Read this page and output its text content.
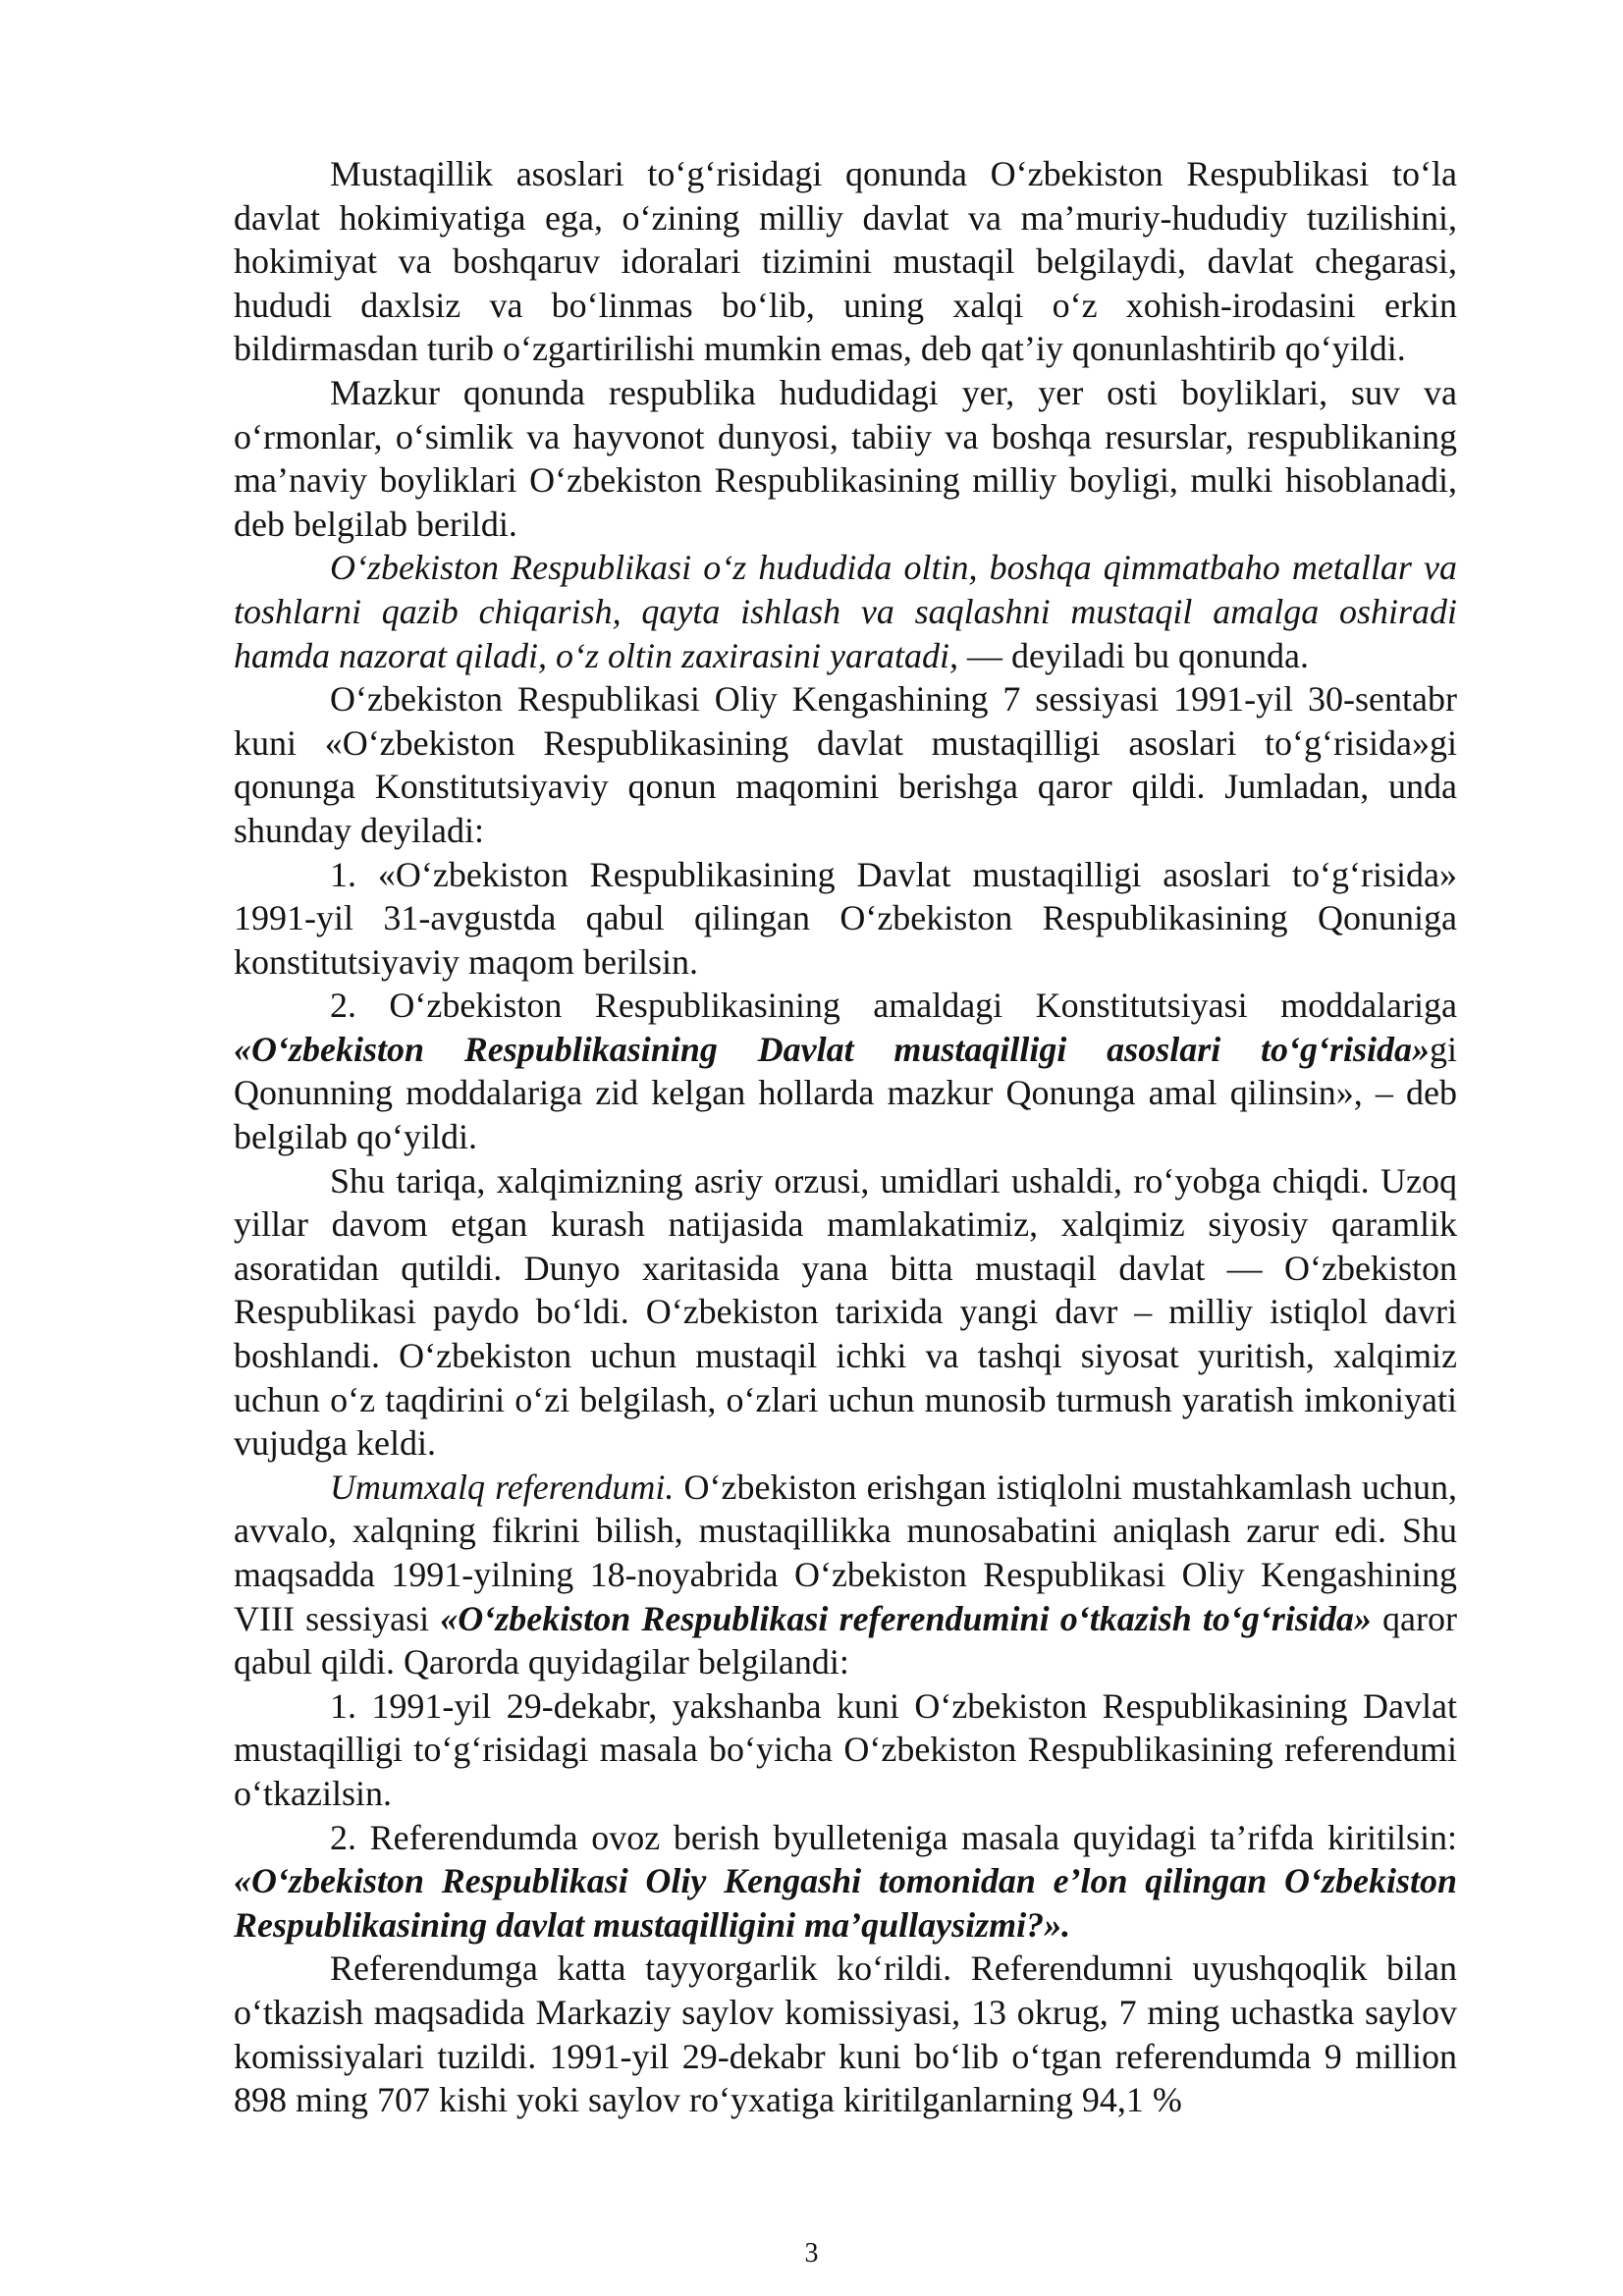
Mustaqillik asoslari to‘g‘risidagi qonunda O‘zbekiston Respublikasi to‘la davlat hokimiyatiga ega, o‘zining milliy davlat va ma’muriy-hududiy tuzilishini, hokimiyat va boshqaruv idoralari tizimini mustaqil belgilaydi, davlat chegarasi, hududi daxlsiz va bo‘linmas bo‘lib, uning xalqi o‘z xohish-irodasini erkin bildirmasdan turib o‘zgartirilishi mumkin emas, deb qat’iy qonunlashtirib qo‘yildi.

Mazkur qonunda respublika hududidagi yer, yer osti boyliklari, suv va o‘rmonlar, o‘simlik va hayvonot dunyosi, tabiiy va boshqa resurslar, respublikaning ma’naviy boyliklari O‘zbekiston Respublikasining milliy boyligi, mulki hisoblanadi, deb belgilab berildi.

O‘zbekiston Respublikasi o‘z hududida oltin, boshqa qimmatbaho metallar va toshlarni qazib chiqarish, qayta ishlash va saqlashni mustaqil amalga oshiradi hamda nazorat qiladi, o‘z oltin zaxirasini yaratadi, — deyiladi bu qonunda.

O‘zbekiston Respublikasi Oliy Kengashining 7 sessiyasi 1991-yil 30-sentabr kuni «O‘zbekiston Respublikasining davlat mustaqilligi asoslari to‘g‘risida»gi qonunga Konstitutsiyaviy qonun maqomini berishga qaror qildi. Jumladan, unda shunday deyiladi:

1. «O‘zbekiston Respublikasining Davlat mustaqilligi asoslari to‘g‘risida» 1991-yil 31-avgustda qabul qilingan O‘zbekiston Respublikasining Qonuniga konstitutsiyaviy maqom berilsin.

2. O‘zbekiston Respublikasining amaldagi Konstitutsiyasi moddalariga «O‘zbekiston Respublikasining Davlat mustaqilligi asoslari to‘g‘risida»gi Qonunning moddalariga zid kelgan hollarda mazkur Qonunga amal qilinsin», – deb belgilab qo‘yildi.

Shu tariqa, xalqimizning asriy orzusi, umidlari ushaldi, ro‘yobga chiqdi. Uzoq yillar davom etgan kurash natijasida mamlakatimiz, xalqimiz siyosiy qaramlik asoratidan qutildi. Dunyo xaritasida yana bitta mustaqil davlat — O‘zbekiston Respublikasi paydo bo‘ldi. O‘zbekiston tarixida yangi davr – milliy istiqlol davri boshlandi. O‘zbekiston uchun mustaqil ichki va tashqi siyosat yuritish, xalqimiz uchun o‘z taqdirini o‘zi belgilash, o‘zlari uchun munosib turmush yaratish imkoniyati vujudga keldi.

Umumxalq referendumi. O‘zbekiston erishgan istiqlolni mustahkamlash uchun, avvalo, xalqning fikrini bilish, mustaqillikka munosabatini aniqlash zarur edi. Shu maqsadda 1991-yilning 18-noyabrida O‘zbekiston Respublikasi Oliy Kengashining VIII sessiyasi «O‘zbekiston Respublikasi referendumini o‘tkazish to‘g‘risida» qaror qabul qildi. Qarorda quyidagilar belgilandi:

1. 1991-yil 29-dekabr, yakshanba kuni O‘zbekiston Respublikasining Davlat mustaqilligi to‘g‘risidagi masala bo‘yicha O‘zbekiston Respublikasining referendumi o‘tkazilsin.

2. Referendumda ovoz berish byulleteniga masala quyidagi ta’rifda kiritilsin: «O‘zbekiston Respublikasi Oliy Kengashi tomonidan e’lon qilingan O‘zbekiston Respublikasining davlat mustaqilligini ma’qullaysizmi?».

Referendumga katta tayyorgarlik ko‘rildi. Referendumni uyushqoqlik bilan o‘tkazish maqsadida Markaziy saylov komissiyasi, 13 okrug, 7 ming uchastka saylov komissiyalari tuzildi. 1991-yil 29-dekabr kuni bo‘lib o‘tgan referendumda 9 million 898 ming 707 kishi yoki saylov ro‘yxatiga kiritilganlarning 94,1 %

3
